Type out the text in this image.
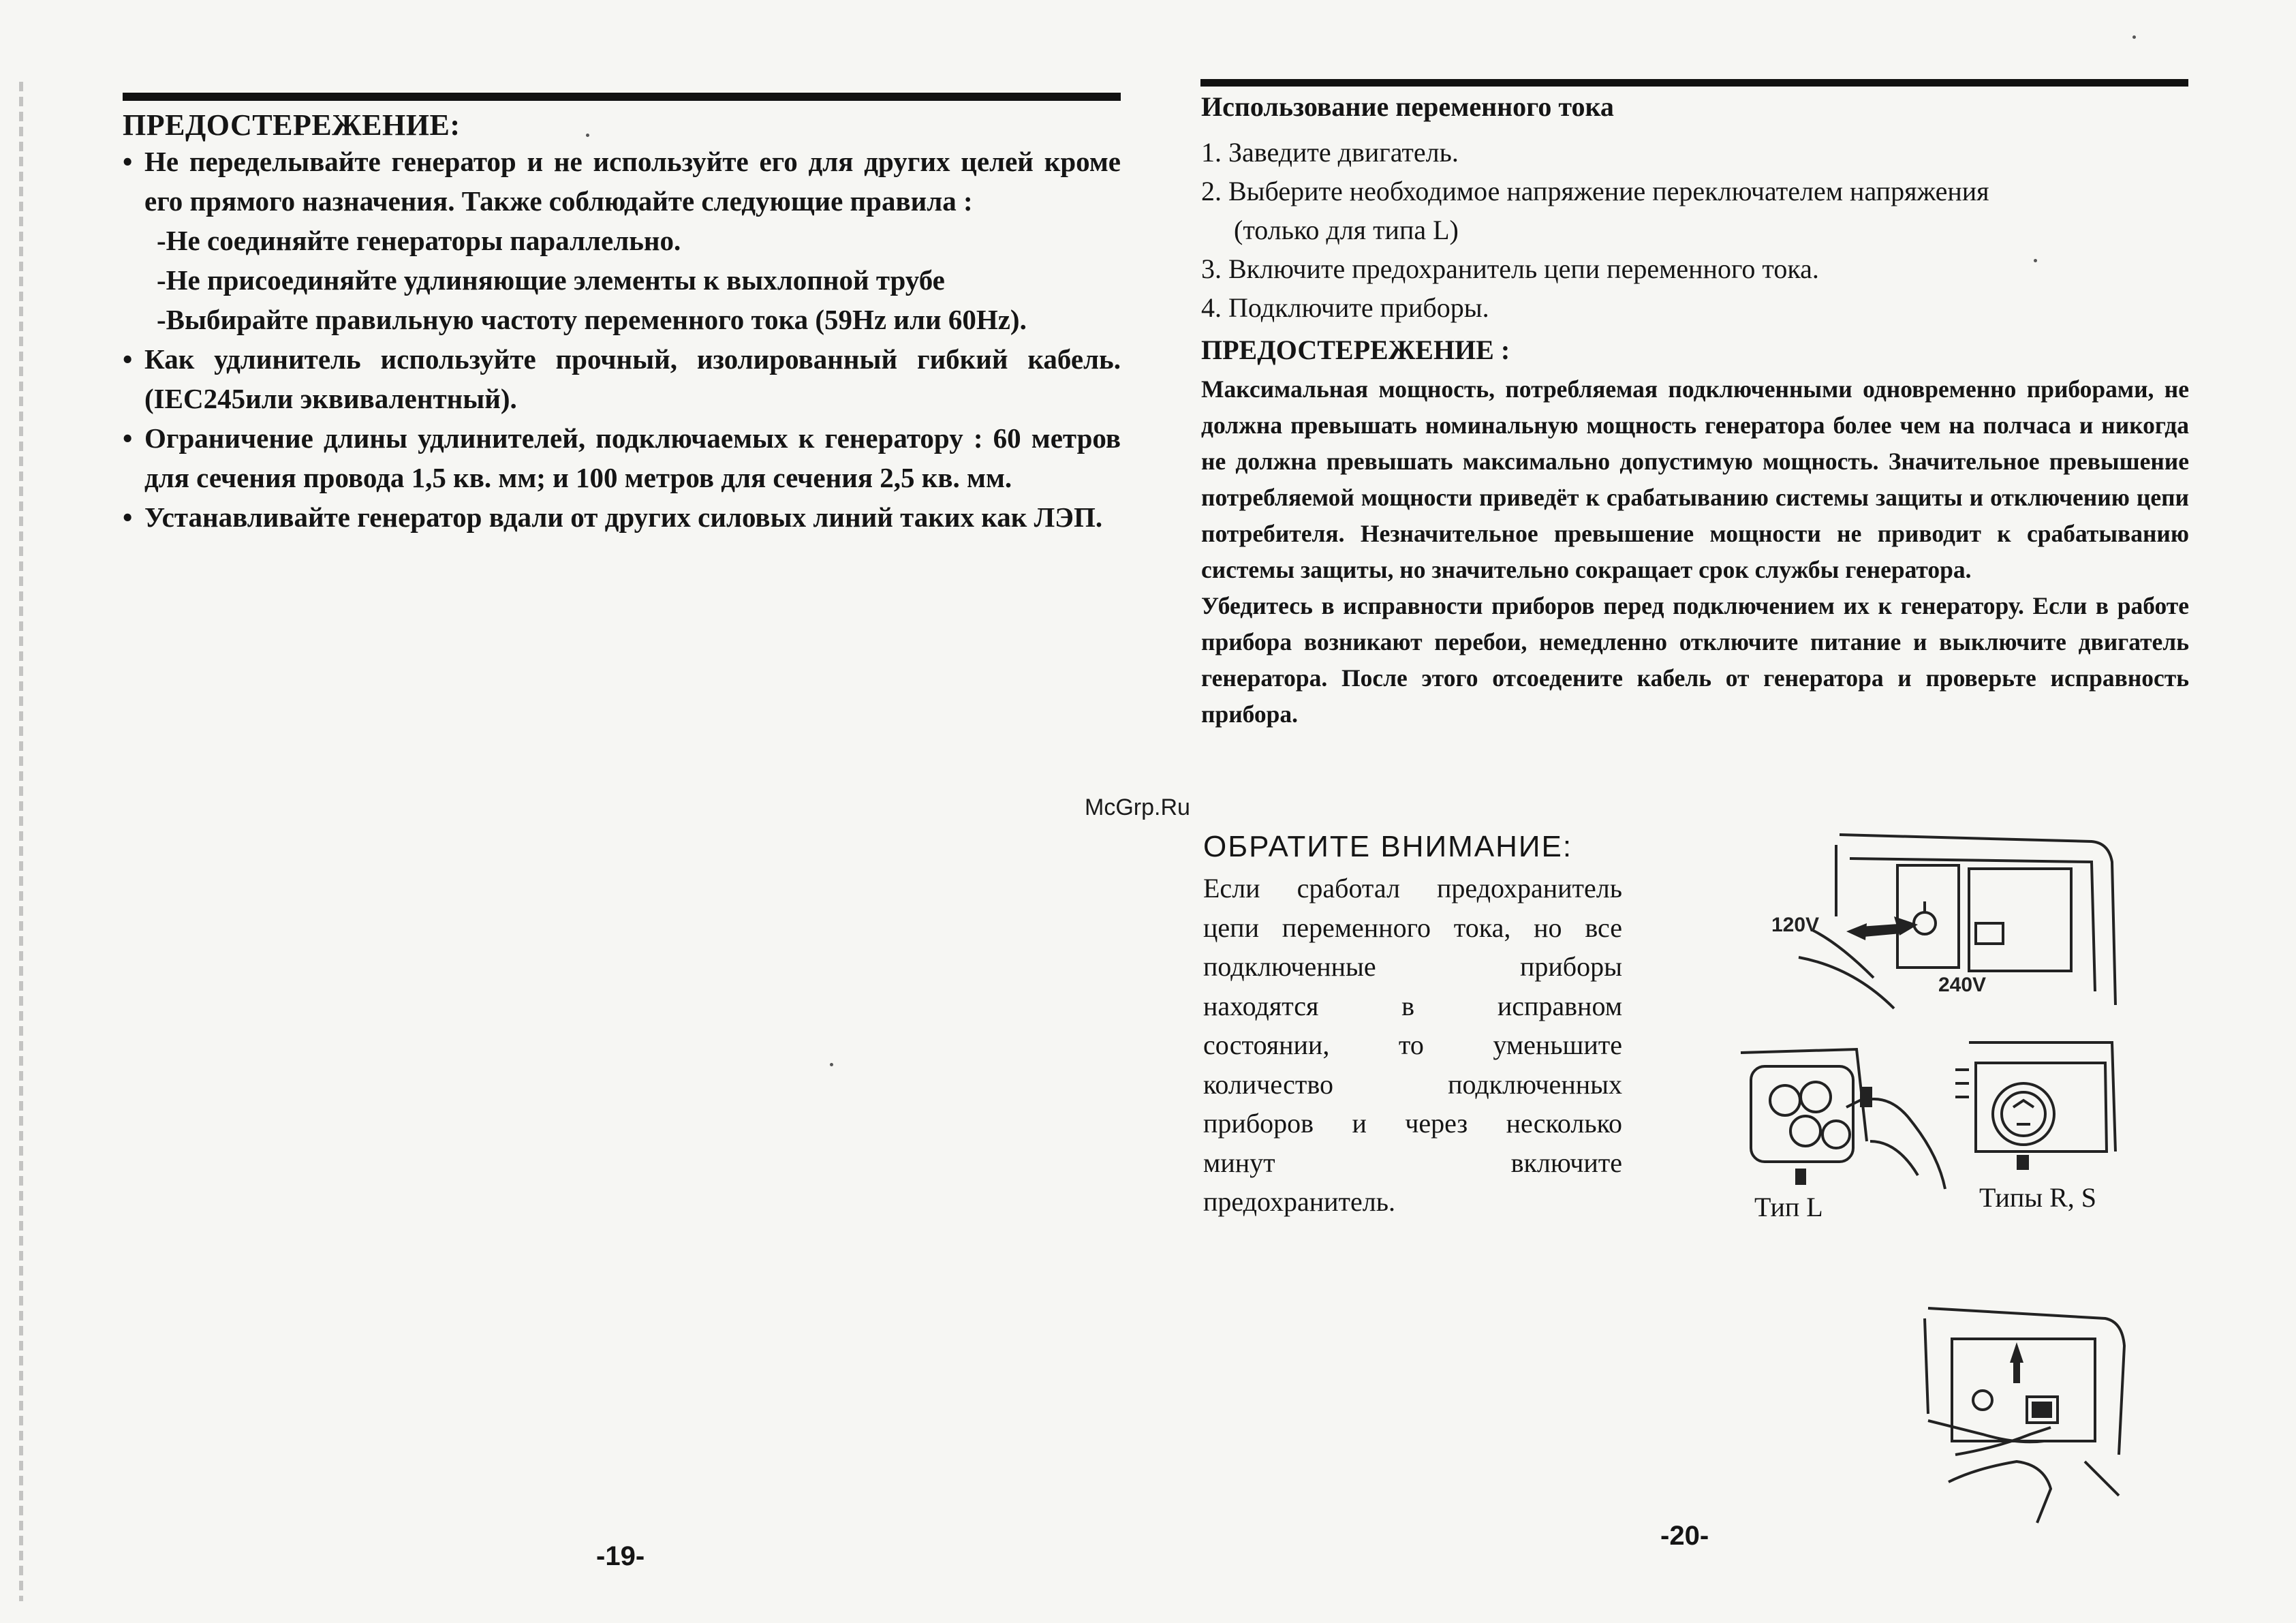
ПРЕДОСТЕРЕЖЕНИЕ:
• Не переделывайте генератор и не используйте его для других целей кроме его прямого назначения. Также соблюдайте следующие правила :
-Не соединяйте генераторы параллельно.
-Не присоединяйте удлиняющие элементы к выхлопной трубе
-Выбирайте правильную частоту переменного тока (59Hz или 60Hz).
• Как удлинитель используйте прочный, изолированный гибкий кабель. (IEC245или эквивалентный).
• Ограничение длины удлинителей, подключаемых к генератору : 60 метров для сечения провода 1,5 кв. мм; и 100 метров для сечения 2,5 кв. мм.
• Устанавливайте генератор вдали от других силовых линий таких как ЛЭП.
-19-
Использование переменного тока
1. Заведите двигатель.
2. Выберите необходимое напряжение переключателем напряжения
(только для типа L)
3. Включите предохранитель цепи переменного тока.
4. Подключите приборы.
ПРЕДОСТЕРЕЖЕНИЕ :

Максимальная мощность, потребляемая подключенными одновременно приборами, не должна превышать номинальную мощность генератора более чем на полчаса и никогда не должна превышать максимально допустимую мощность. Значительное превышение потребляемой мощности приведёт к срабатыванию системы защиты и отключению цепи потребителя. Незначительное превышение мощности не приводит к срабатыванию системы защиты, но значительно сокращает срок службы генератора.

Убедитесь в исправности приборов перед подключением их к генератору. Если в работе прибора возникают перебои, немедленно отключите питание и выключите двигатель генератора. После этого отсоедените кабель от генератора и проверьте исправность прибора.

McGrp.Ru
ОБРАТИТЕ ВНИМАНИЕ:
Если сработал предохранитель
цепи переменного тока, но все
подключенные приборы
находятся в исправном
состоянии, то уменьшите
количество подключенных
приборов и через несколько
минут включите
предохранитель.
120V
240V
Тип L	Типы R, S
-20-
